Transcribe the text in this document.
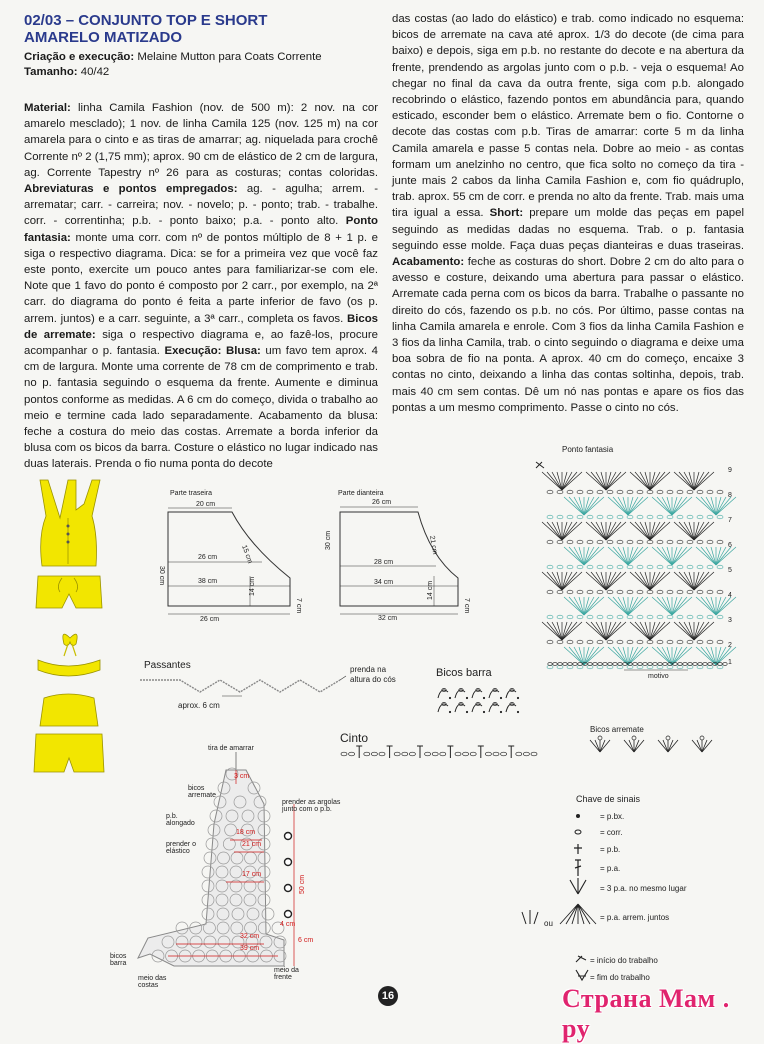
02/03 – CONJUNTO TOP E SHORT
AMARELO MATIZADO
Criação e execução: Melaine Mutton para Coats Corrente
Tamanho: 40/42
Material: linha Camila Fashion (nov. de 500 m): 2 nov. na cor amarelo mesclado); 1 nov. de linha Camila 125 (nov. 125 m) na cor amarela para o cinto e as tiras de amarrar; ag. niquelada para crochê Corrente nº 2 (1,75 mm); aprox. 90 cm de elástico de 2 cm de largura, ag. Corrente Tapestry nº 26 para as costuras; contas coloridas. Abreviaturas e pontos empregados: ag. - agulha; arrem. - arrematar; carr. - carreira; nov. - novelo; p. - ponto; trab. - trabalhe. corr. - correntinha; p.b. - ponto baixo; p.a. - ponto alto. Ponto fantasia: monte uma corr. com nº de pontos múltiplo de 8 + 1 p. e siga o respectivo diagrama. Dica: se for a primeira vez que você faz este ponto, exercite um pouco antes para familiarizar-se com ele. Note que 1 favo do ponto é composto por 2 carr., por exemplo, na 2ª carr. do diagrama do ponto é feita a parte inferior de favo (os p. arrem. juntos) e a carr. seguinte, a 3ª carr., completa os favos. Bicos de arremate: siga o respectivo diagrama e, ao fazê-los, procure acompanhar o p. fantasia. Execução: Blusa: um favo tem aprox. 4 cm de largura. Monte uma corrente de 78 cm de comprimento e trab. no p. fantasia seguindo o esquema da frente. Aumente e diminua pontos conforme as medidas. A 6 cm do começo, divida o trabalho ao meio e termine cada lado separadamente. Acabamento da blusa: feche a costura do meio das costas. Arremate a borda inferior da blusa com os bicos da barra. Costure o elástico no lugar indicado nas duas laterais. Prenda o fio numa ponta do decote
das costas (ao lado do elástico) e trab. como indicado no esquema: bicos de arremate na cava até aprox. 1/3 do decote (de cima para baixo) e depois, siga em p.b. no restante do decote e na abertura da frente, prendendo as argolas junto com o p.b. - veja o esquema! Ao chegar no final da cava da outra frente, siga com p.b. alongado recobrindo o elástico, fazendo pontos em abundância para, quando esticado, esconder bem o elástico. Arremate bem o fio. Contorne o decote das costas com p.b. Tiras de amarrar: corte 5 m da linha Camila amarela e passe 5 contas nela. Dobre ao meio - as contas formam um anelzinho no centro, que fica solto no começo da tira - junte mais 2 cabos da linha Camila Fashion e, com fio quádruplo, trab. aprox. 55 cm de corr. e prenda no alto da frente. Trab. mais uma tira igual a essa. Short: prepare um molde das peças em papel seguindo as medidas dadas no esquema. Trab. o p. fantasia seguindo esse molde. Faça duas peças dianteiras e duas traseiras. Acabamento: feche as costuras do short. Dobre 2 cm do alto para o avesso e costure, deixando uma abertura para passar o elástico. Arremate cada perna com os bicos da barra. Trabalhe o passante no direito do cós, fazendo os p.b. no cós. Por último, passe contas na linha Camila amarela e enrole. Com 3 fios da linha Camila Fashion e 3 fios da linha Camila, trab. o cinto seguindo o diagrama e deixe uma boa sobra de fio na ponta. A aprox. 40 cm do começo, encaixe 3 contas no cinto, deixando a linha das contas soltinha, depois, trab. mais 40 cm sem contas. Dê um nó nas pontas e apare os fios das pontas a um mesmo comprimento. Passe o cinto no cós.
Parte traseira
20 cm
15 cm
26 cm
38 cm
26 cm
30 cm
14 cm
7 cm
Parte dianteira
26 cm
21 cm
28 cm
34 cm
32 cm
30 cm
14 cm
7 cm
Ponto fantasia
9
8
7
6
5
4
3
2
1
motivo
Passantes
aprox. 6 cm
prenda na
altura do cós
Bicos barra
Cinto
Bicos arremate
tira de amarrar
bicos arremate
p.b. alongado
prender o elástico
prender as argolas junto com o p.b.
bicos barra
meio das costas
meio da frente
3 cm
18 cm
21 cm
17 cm
4 cm
32 cm
39 cm
6 cm
50 cm
Chave de sinais
= p.bx.
= corr.
= p.b.
= p.a.
= 3 p.a. no mesmo lugar
ou
= p.a. arrem. juntos
= início do trabalho
= fim do trabalho
16	Страна Мам . ру
